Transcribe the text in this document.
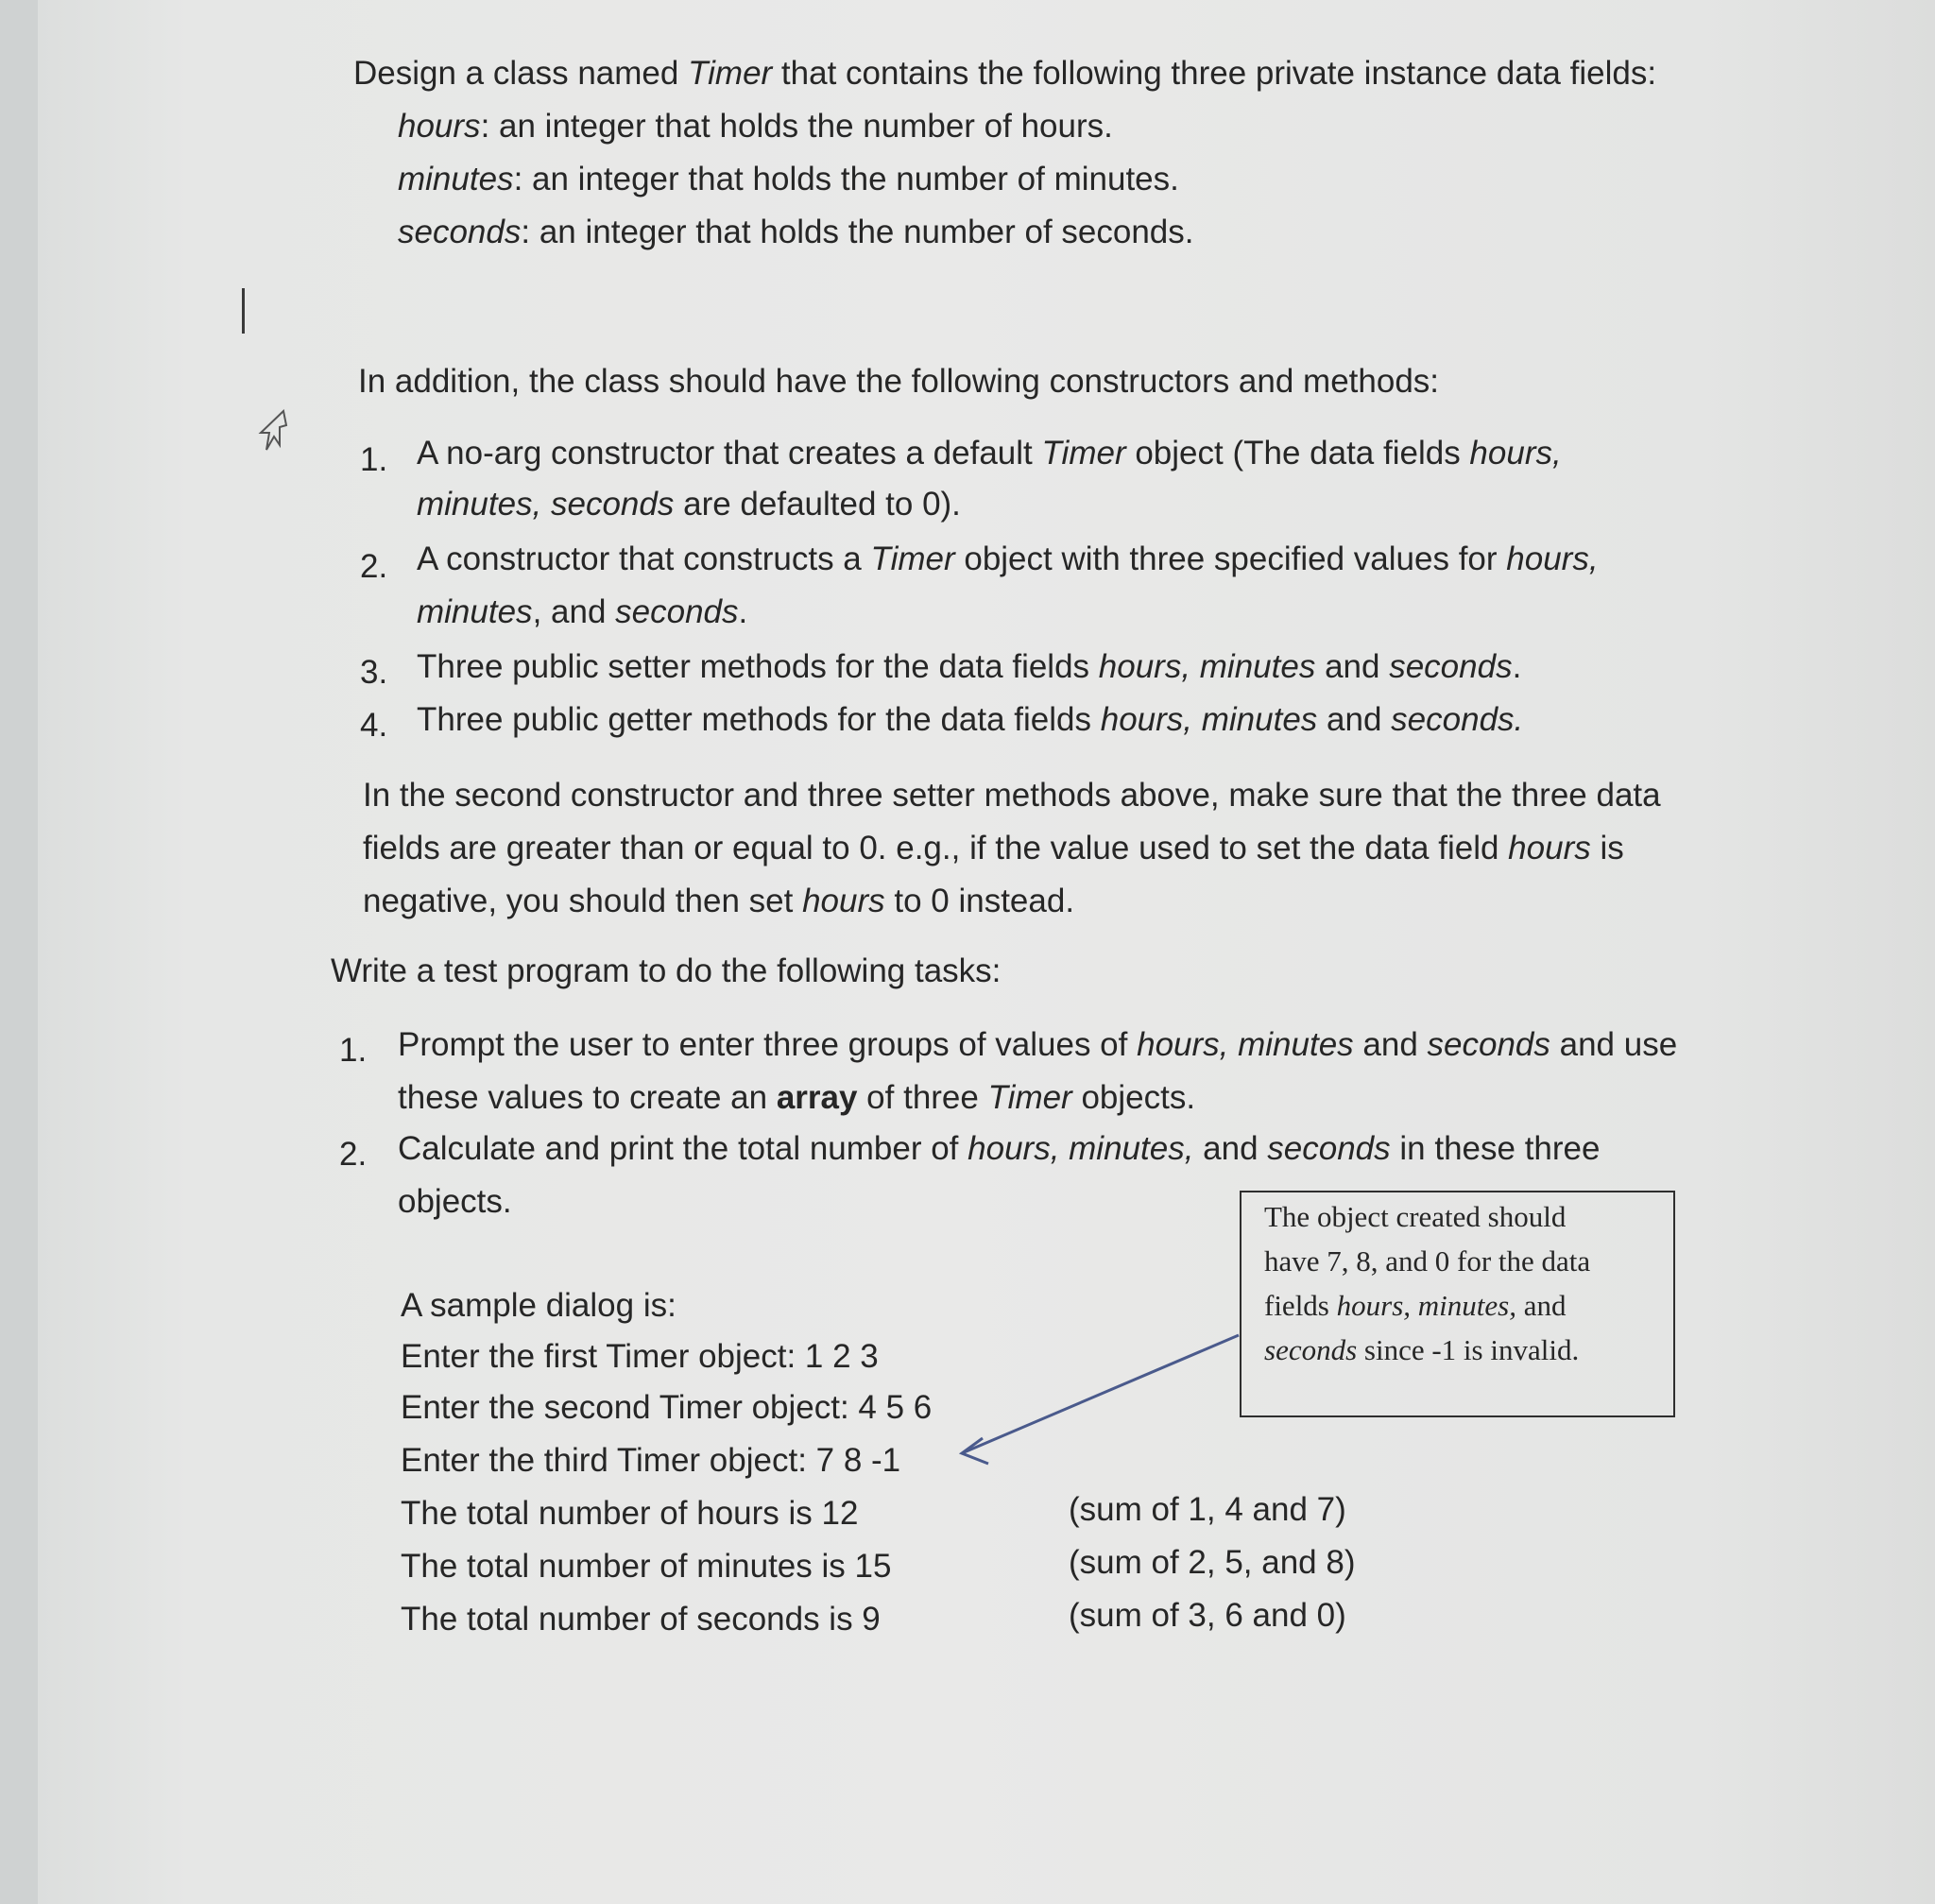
Design a class named Timer that contains the following three private instance data fields:
hours: an integer that holds the number of hours.
minutes: an integer that holds the number of minutes.
seconds: an integer that holds the number of seconds.
In addition, the class should have the following constructors and methods:
1. A no-arg constructor that creates a default Timer object (The data fields hours,
minutes, seconds are defaulted to 0).
2. A constructor that constructs a Timer object with three specified values for hours,
minutes, and seconds.
3. Three public setter methods for the data fields hours, minutes and seconds.
4. Three public getter methods for the data fields hours, minutes and seconds.
In the second constructor and three setter methods above, make sure that the three data
fields are greater than or equal to 0. e.g., if the value used to set the data field hours is
negative, you should then set hours to 0 instead.
Write a test program to do the following tasks:
1. Prompt the user to enter three groups of values of hours, minutes and seconds and use
these values to create an array of three Timer objects.
2. Calculate and print the total number of hours, minutes, and seconds in these three
objects.
A sample dialog is:
Enter the first Timer object: 1 2 3
Enter the second Timer object: 4 5 6
Enter the third Timer object: 7 8 -1
The total number of hours is 12
The total number of minutes is 15
The total number of seconds is 9
(sum of 1, 4 and 7)
(sum of 2, 5, and 8)
(sum of 3, 6 and 0)
The object created should
have 7, 8, and 0 for the data
fields hours, minutes, and
seconds since -1 is invalid.
